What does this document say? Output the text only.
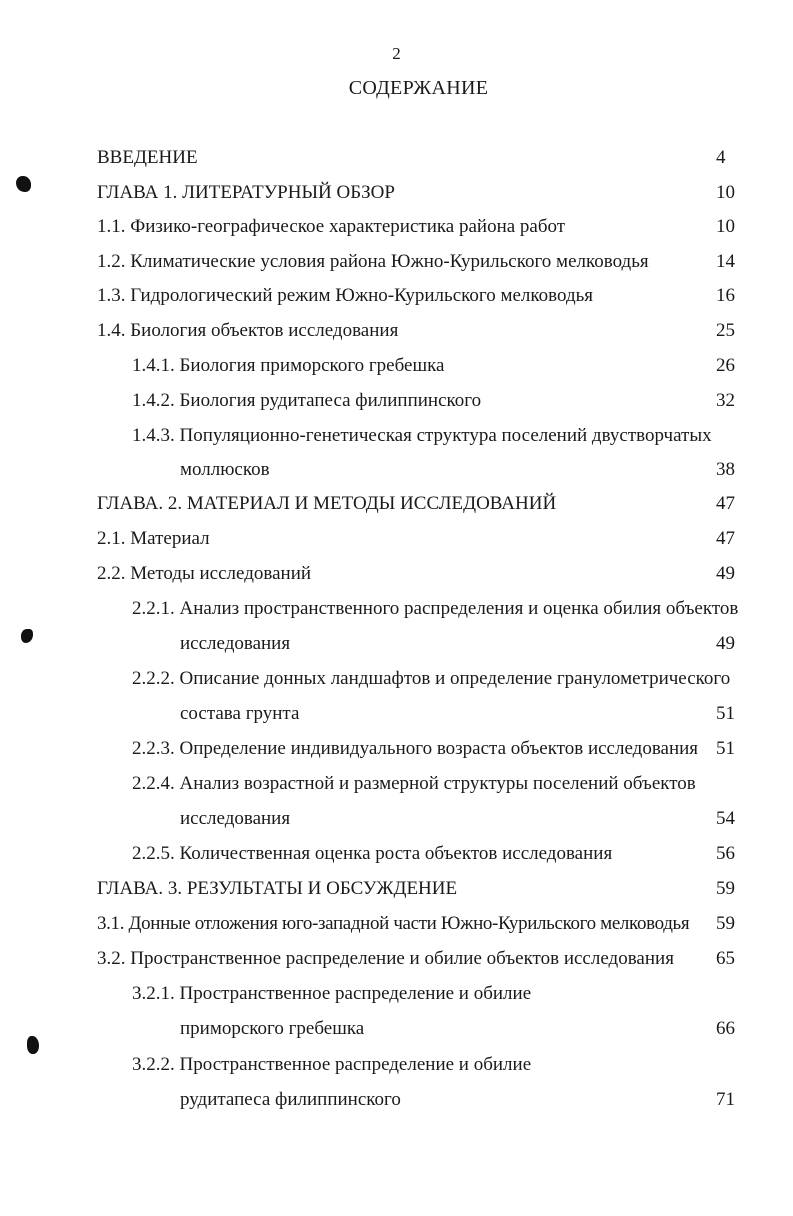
2
СОДЕРЖАНИЕ
ВВЕДЕНИЕ	4
ГЛАВА 1. ЛИТЕРАТУРНЫЙ ОБЗОР	10
1.1. Физико-географическое характеристика района работ	10
1.2. Климатические условия района Южно-Курильского мелководья	14
1.3. Гидрологический режим Южно-Курильского мелководья	16
1.4. Биология объектов исследования	25
1.4.1. Биология приморского гребешка	26
1.4.2. Биология рудитапеса филиппинского	32
1.4.3. Популяционно-генетическая структура поселений двустворчатых
моллюсков	38
ГЛАВА. 2. МАТЕРИАЛ И МЕТОДЫ ИССЛЕДОВАНИЙ	47
2.1. Материал	47
2.2. Методы исследований	49
2.2.1. Анализ пространственного распределения и оценка обилия объектов
исследования	49
2.2.2. Описание донных ландшафтов и определение гранулометрического
состава грунта	51
2.2.3. Определение индивидуального возраста объектов исследования 51
2.2.4. Анализ возрастной и размерной структуры поселений объектов
исследования	54
2.2.5. Количественная оценка роста объектов исследования	56
ГЛАВА. 3. РЕЗУЛЬТАТЫ И ОБСУЖДЕНИЕ	59
3.1. Донные отложения юго-западной части Южно-Курильского мелководья 59
3.2. Пространственное распределение и обилие объектов исследования 65
3.2.1. Пространственное распределение и обилие
приморского гребешка	66
3.2.2. Пространственное распределение и обилие
рудитапеса филиппинского	71
